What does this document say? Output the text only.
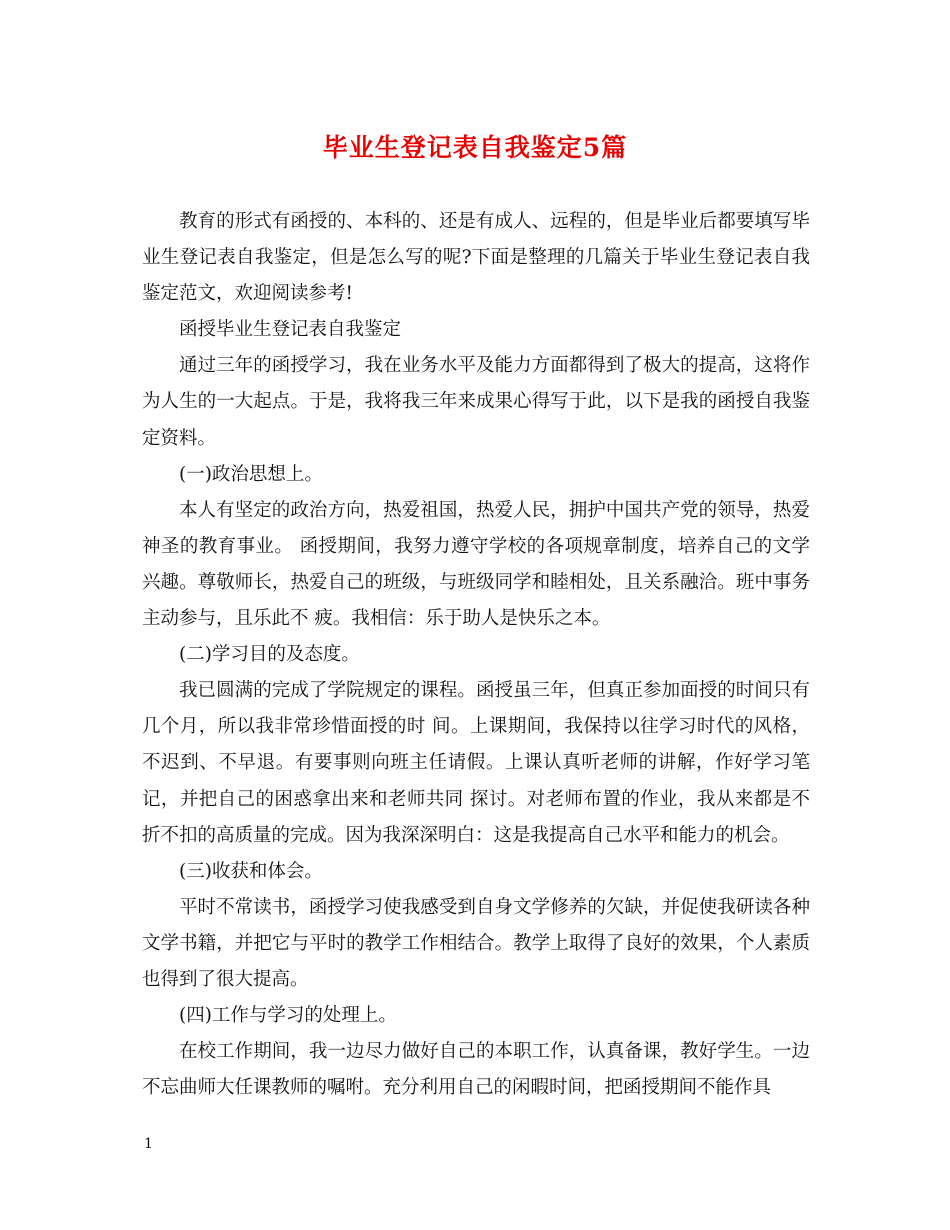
毕业生登记表自我鉴定5篇

教育的形式有函授的、本科的、还是有成人、远程的，但是毕业后都要填写毕业生登记表自我鉴定，但是怎么写的呢?下面是整理的几篇关于毕业生登记表自我鉴定范文，欢迎阅读参考!

函授毕业生登记表自我鉴定

通过三年的函授学习，我在业务水平及能力方面都得到了极大的提高，这将作为人生的一大起点。于是，我将我三年来成果心得写于此，以下是我的函授自我鉴定资料。

(一)政治思想上。

本人有坚定的政治方向，热爱祖国，热爱人民，拥护中国共产党的领导，热爱神圣的教育事业。 函授期间，我努力遵守学校的各项规章制度，培养自己的文学兴趣。尊敬师长，热爱自己的班级，与班级同学和睦相处，且关系融洽。班中事务主动参与，且乐此不 疲。我相信：乐于助人是快乐之本。

(二)学习目的及态度。

我已圆满的完成了学院规定的课程。函授虽三年，但真正参加面授的时间只有几个月，所以我非常珍惜面授的时 间。上课期间，我保持以往学习时代的风格，不迟到、不早退。有要事则向班主任请假。上课认真听老师的讲解，作好学习笔记，并把自己的困惑拿出来和老师共同 探讨。对老师布置的作业，我从来都是不折不扣的高质量的完成。因为我深深明白：这是我提高自己水平和能力的机会。

(三)收获和体会。

平时不常读书，函授学习使我感受到自身文学修养的欠缺，并促使我研读各种文学书籍，并把它与平时的教学工作相结合。教学上取得了良好的效果，个人素质也得到了很大提高。

(四)工作与学习的处理上。

在校工作期间，我一边尽力做好自己的本职工作，认真备课，教好学生。一边不忘曲师大任课教师的嘱咐。充分利用自己的闲暇时间，把函授期间不能作具

1
